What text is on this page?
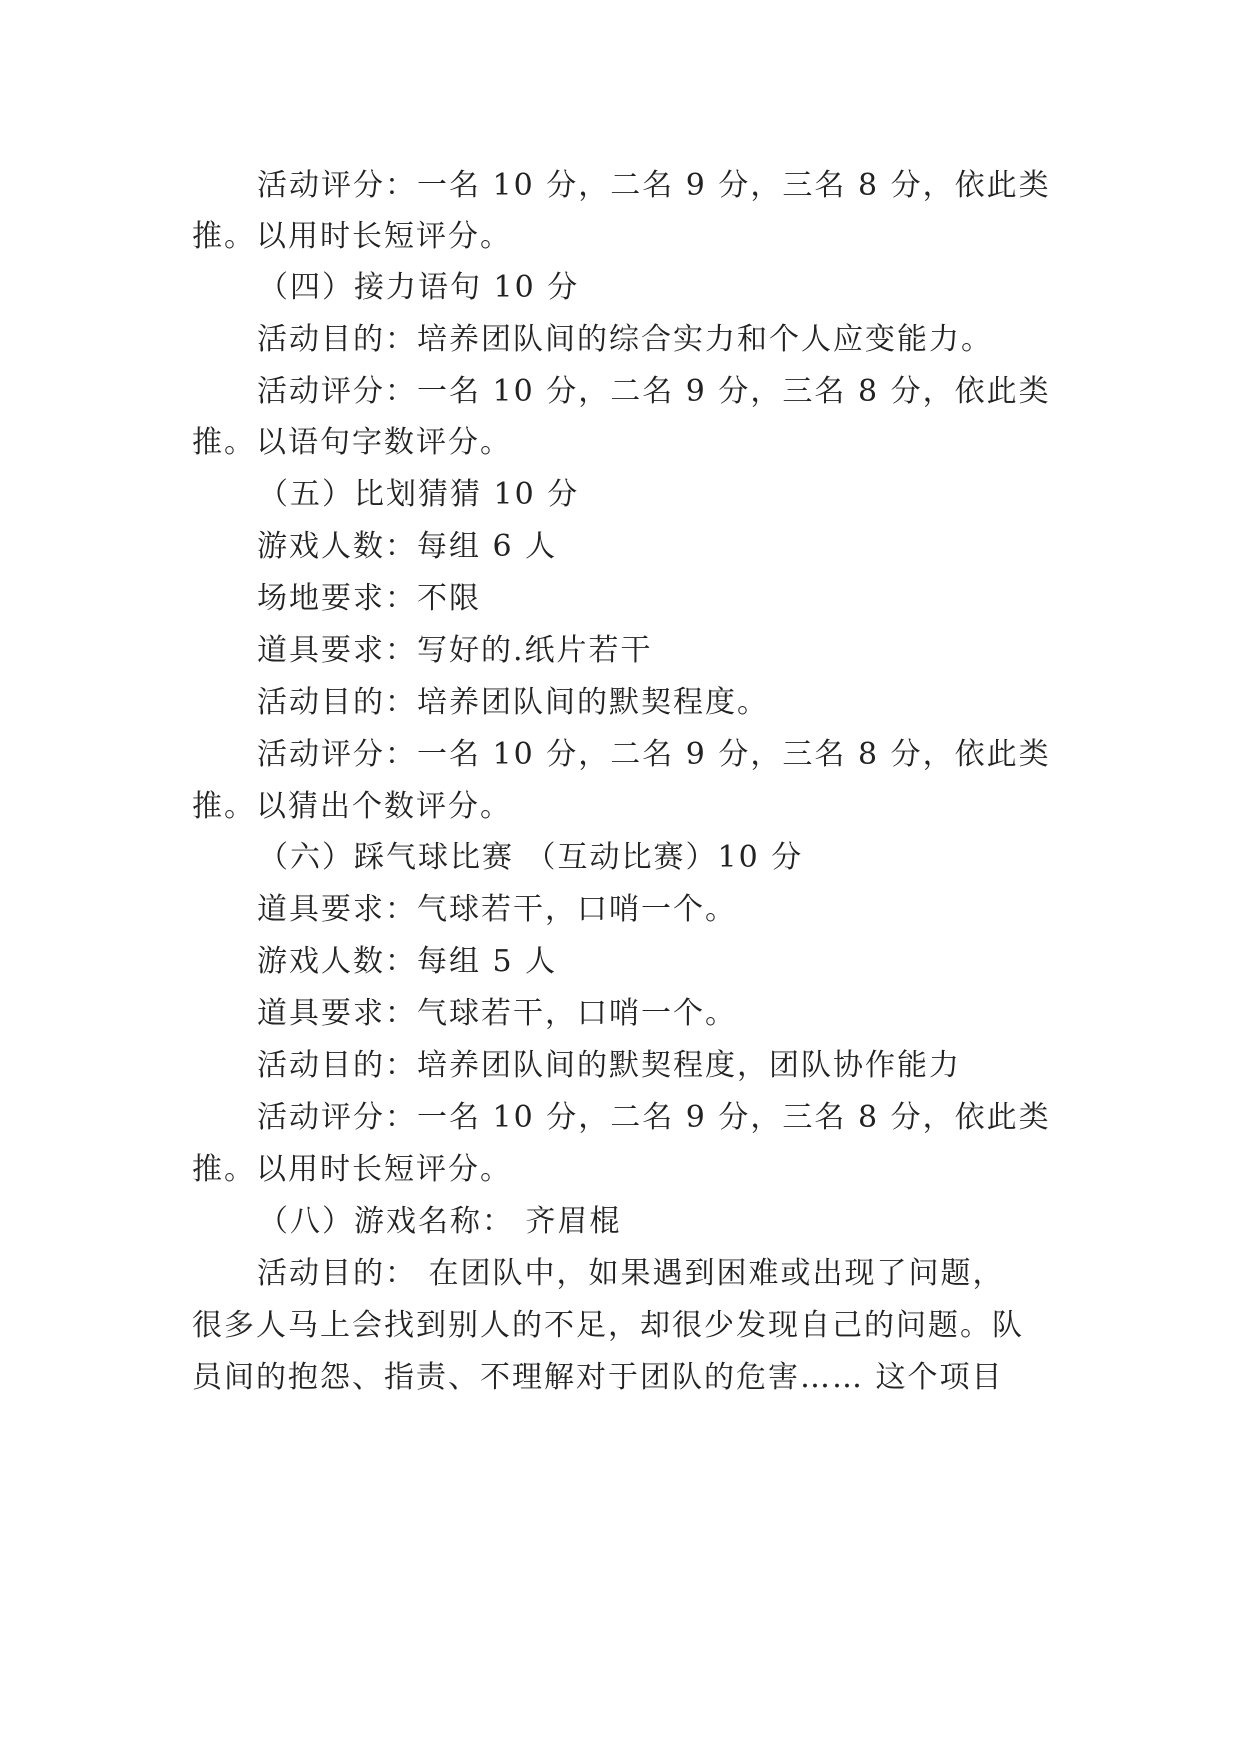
活动评分：一名 10 分，二名 9 分，三名 8 分，依此类
推。以用时长短评分。
（四）接力语句 10 分
活动目的：培养团队间的综合实力和个人应变能力。
活动评分：一名 10 分，二名 9 分，三名 8 分，依此类
推。以语句字数评分。
（五）比划猜猜 10 分
游戏人数：每组 6 人
场地要求：不限
道具要求：写好的.纸片若干
活动目的：培养团队间的默契程度。
活动评分：一名 10 分，二名 9 分，三名 8 分，依此类
推。以猜出个数评分。
（六）踩气球比赛 （互动比赛）10 分
道具要求：气球若干，口哨一个。
游戏人数：每组 5 人
道具要求：气球若干，口哨一个。
活动目的：培养团队间的默契程度，团队协作能力
活动评分：一名 10 分，二名 9 分，三名 8 分，依此类
推。以用时长短评分。
（八）游戏名称： 齐眉棍
活动目的： 在团队中，如果遇到困难或出现了问题，
很多人马上会找到别人的不足，却很少发现自己的问题。队
员间的抱怨、指责、不理解对于团队的危害…… 这个项目
